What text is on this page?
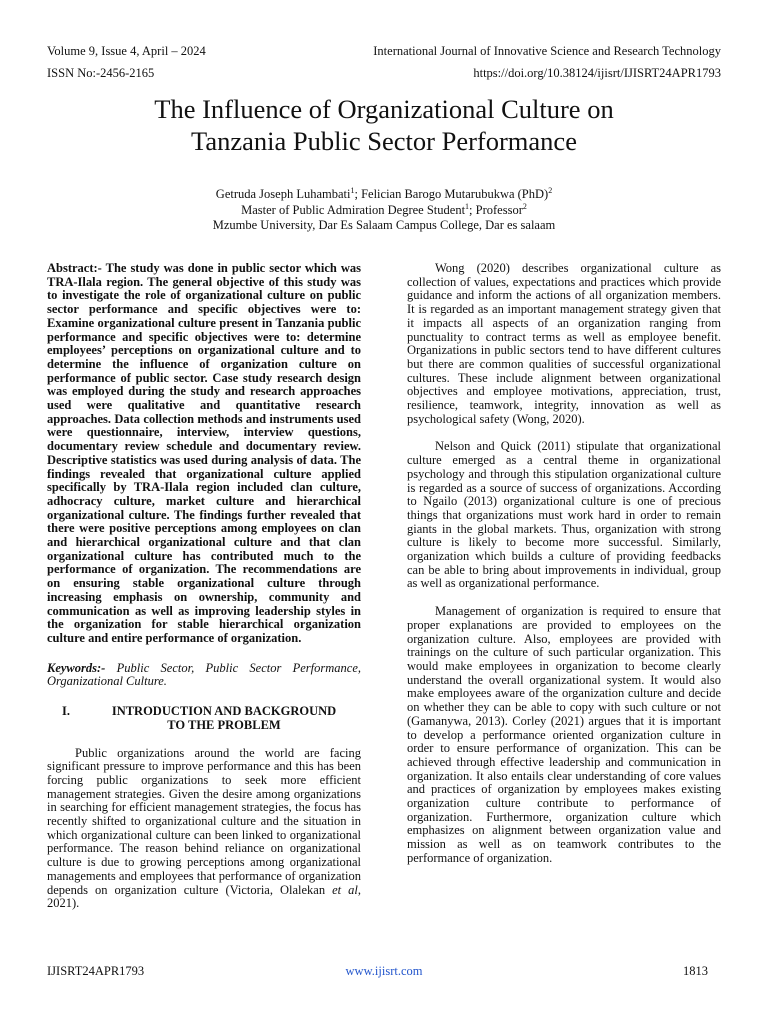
Volume 9, Issue 4, April – 2024	International Journal of Innovative Science and Research Technology
ISSN No:-2456-2165	https://doi.org/10.38124/ijisrt/IJISRT24APR1793
The Influence of Organizational Culture on
Tanzania Public Sector Performance
Getruda Joseph Luhambati$^1$; Felician Barogo Mutarubukwa (PhD)$^2$
Master of Public Admiration Degree Student$^1$; Professor$^2$
Mzumbe University, Dar Es Salaam Campus College, Dar es salaam

Abstract:- The study was done in public sector which was TRA-Ilala region. The general objective of this study was to investigate the role of organizational culture on public sector performance and specific objectives were to: Examine organizational culture present in Tanzania public performance and specific objectives were to: determine employees’ perceptions on organizational culture and to determine the influence of organization culture on performance of public sector. Case study research design was employed during the study and research approaches used were qualitative and quantitative research approaches. Data collection methods and instruments used were questionnaire, interview, interview questions, documentary review schedule and documentary review. Descriptive statistics was used during analysis of data. The findings revealed that organizational culture applied specifically by TRA-Ilala region included clan culture, adhocracy culture, market culture and hierarchical organizational culture. The findings further revealed that there were positive perceptions among employees on clan and hierarchical organizational culture and that clan organizational culture has contributed much to the performance of organization. The recommendations are on ensuring stable organizational culture through increasing emphasis on ownership, community and communication as well as improving leadership styles in the organization for stable hierarchical organization culture and entire performance of organization.

Keywords:- Public Sector, Public Sector Performance, Organizational Culture.

I.	INTRODUCTION AND BACKGROUND
TO THE PROBLEM

Public organizations around the world are facing significant pressure to improve performance and this has been forcing public organizations to seek more efficient management strategies. Given the desire among organizations in searching for efficient management strategies, the focus has recently shifted to organizational culture and the situation in which organizational culture can been linked to organizational performance. The reason behind reliance on organizational culture is due to growing perceptions among organizational managements and employees that performance of organization depends on organization culture (Victoria, Olalekan et al, 2021).

Wong (2020) describes organizational culture as collection of values, expectations and practices which provide guidance and inform the actions of all organization members. It is regarded as an important management strategy given that it impacts all aspects of an organization ranging from punctuality to contract terms as well as employee benefit. Organizations in public sectors tend to have different cultures but there are common qualities of successful organizational cultures. These include alignment between organizational objectives and employee motivations, appreciation, trust, resilience, teamwork, integrity, innovation as well as psychological safety (Wong, 2020).

Nelson and Quick (2011) stipulate that organizational culture emerged as a central theme in organizational psychology and through this stipulation organizational culture is regarded as a source of success of organizations. According to Ngailo (2013) organizational culture is one of precious things that organizations must work hard in order to remain giants in the global markets. Thus, organization with strong culture is likely to become more successful. Similarly, organization which builds a culture of providing feedbacks can be able to bring about improvements in individual, group as well as organizational performance.

Management of organization is required to ensure that proper explanations are provided to employees on the organization culture. Also, employees are provided with trainings on the culture of such particular organization. This would make employees in organization to become clearly understand the overall organizational system. It would also make employees aware of the organization culture and decide on whether they can be able to copy with such culture or not (Gamanywa, 2013). Corley (2021) argues that it is important to develop a performance oriented organization culture in order to ensure performance of organization. This can be achieved through effective leadership and communication in organization. It also entails clear understanding of core values and practices of organization by employees makes existing organization culture contribute to performance of organization. Furthermore, organization culture which emphasizes on alignment between organization value and mission as well as on teamwork contributes to the performance of organization.

IJISRT24APR1793	www.ijisrt.com	1813
